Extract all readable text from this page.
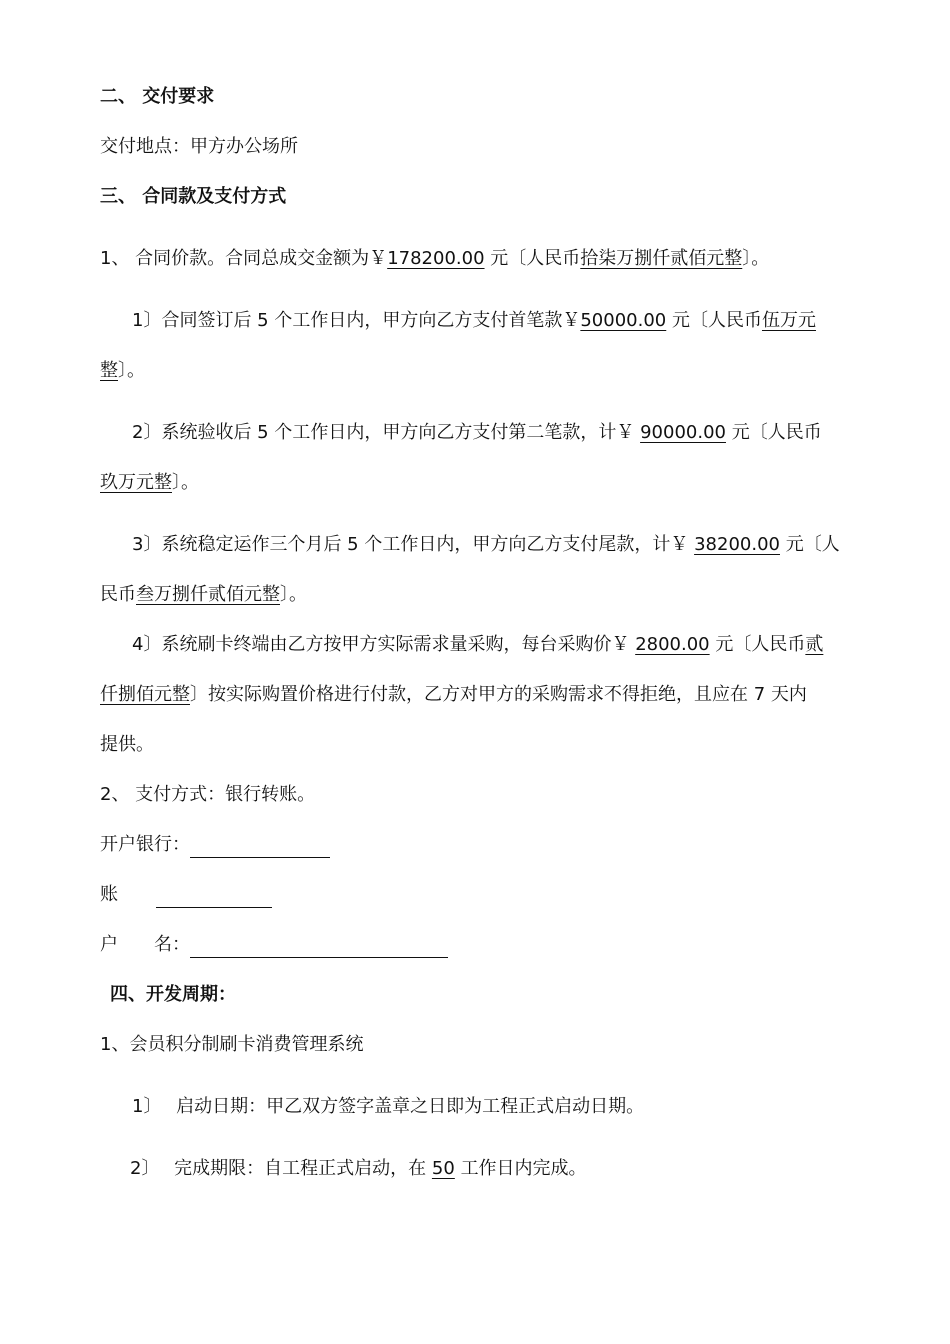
二、 交付要求
交付地点：甲方办公场所
三、 合同款及支付方式
1、 合同价款。合同总成交金额为￥178200.00 元〔人民币拾柒万捌仟贰佰元整〕。
1〕合同签订后 5 个工作日内，甲方向乙方支付首笔款￥50000.00 元〔人民币伍万元
整〕。
2〕系统验收后 5 个工作日内，甲方向乙方支付第二笔款，计￥ 90000.00 元〔人民币
玖万元整〕。
3〕系统稳定运作三个月后 5 个工作日内，甲方向乙方支付尾款，计￥ 38200.00 元〔人
民币叁万捌仟贰佰元整〕。
4〕系统刷卡终端由乙方按甲方实际需求量采购，每台采购价￥ 2800.00 元〔人民币贰
仟捌佰元整〕按实际购置价格进行付款，乙方对甲方的采购需求不得拒绝，且应在 7 天内
提供。
2、 支付方式：银行转账。
开户银行：
账
户　　名：
四、开发周期：
1、会员积分制刷卡消费管理系统
1〕　 启动日期：甲乙双方签字盖章之日即为工程正式启动日期。
2〕　 完成期限：自工程正式启动，在 50 工作日内完成。
